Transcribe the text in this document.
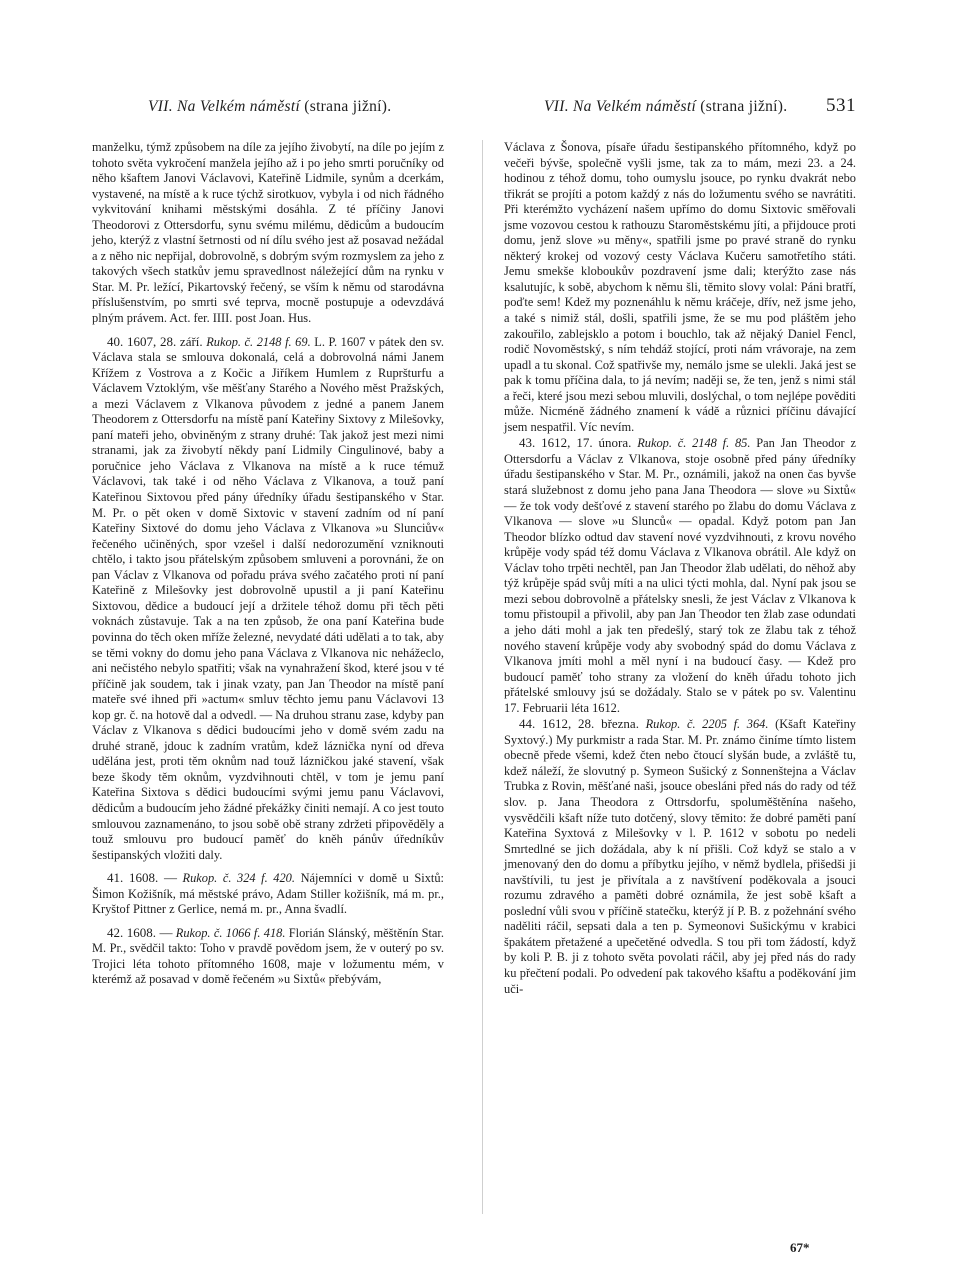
VII. Na Velkém náměstí (strana jižní).	VII. Na Velkém náměstí (strana jižní).	531

manželku, týmž způsobem na díle za jejího živobytí, na díle po jejím z tohoto světa vykročení manžela jejího až i po jeho smrti poručníky od něho kšaftem Janovi Václavovi, Kateřině Lidmile, synům a dcerkám, vystavené, na místě a k ruce týchž sirotkuov, vybyla i od nich řádného vykvitování knihami městskými dosáhla. Z té příčiny Janovi Theodorovi z Ottersdorfu, synu svému milému, dědicům a budoucím jeho, kterýž z vlastní šetrnosti od ní dílu svého jest až posavad nežádal a z něho nic nepřijal, dobrovolně, s dobrým svým rozmyslem za jeho z takových všech statkův jemu spravedlnost náležející dům na rynku v Star. M. Pr. ležící, Pikartovský řečený, se vším k němu od starodávna příslušenstvím, po smrti své teprva, mocně postupuje a odevzdává plným právem. Act. fer. IIII. post Joan. Hus.

40. 1607, 28. září. Rukop. č. 2148 f. 69. L. P. 1607 v pátek den sv. Václava stala se smlouva dokonalá, celá a dobrovolná námi Janem Křížem z Vostrova a z Kočic a Jiříkem Humlem z Rupršturfu a Václavem Vztoklým, vše měšťany Starého a Nového měst Pražských, a mezi Václavem z Vlkanova původem z jedné a panem Janem Theodorem z Ottersdorfu na místě paní Kateřiny Sixtovy z Milešovky, paní mateři jeho, obviněným z strany druhé: Tak jakož jest mezi nimi stranami, jak za živobytí někdy paní Lidmily Cingulinové, baby a poručnice jeho Václava z Vlkanova na místě a k ruce témuž Václavovi, tak také i od něho Václava z Vlkanova, a touž paní Kateřinou Sixtovou před pány úředníky úřadu šestipanského v Star. M. Pr. o pět oken v domě Sixtovic v stavení zadním od ní paní Kateřiny Sixtové do domu jeho Václava z Vlkanova »u Slunciův« řečeného učiněných, spor vzešel i další nedorozumění vzniknouti chtělo, i takto jsou přátelským způsobem smluveni a porovnáni, že on pan Václav z Vlkanova od pořadu práva svého začatého proti ní paní Kateřině z Milešovky jest dobrovolně upustil a ji paní Kateřinu Sixtovou, dědice a budoucí její a držitele téhož domu při těch pěti voknách zůstavuje. Tak a na ten způsob, že ona paní Kateřina bude povinna do těch oken mříže železné, nevydaté dáti udělati a to tak, aby se těmi vokny do domu jeho pana Václava z Vlkanova nic nehážeclo, ani nečistého nebylo spatřiti; však na vynahražení škod, které jsou v té příčině jak soudem, tak i jinak vzaty, pan Jan Theodor na místě paní mateře své ihned při »actum« smluv těchto jemu panu Václavovi 13 kop gr. č. na hotově dal a odvedl. — Na druhou stranu zase, kdyby pan Václav z Vlkanova s dědici budoucími jeho v domě svém zadu na druhé straně, jdouc k zadním vratům, kdež láznička nyní od dřeva udělána jest, proti těm oknům nad touž lázničkou jaké stavení, však beze škody těm oknům, vyzdvihnouti chtěl, v tom je jemu paní Kateřina Sixtova s dědici budoucími svými jemu panu Václavovi, dědicům a budoucím jeho žádné překážky činiti nemají. A co jest touto smlouvou zaznamenáno, to jsou sobě obě strany zdržeti připověděly a touž smlouvu pro budoucí paměť do kněh pánův úředníkův šestipanských vložiti daly.

41. 1608. — Rukop. č. 324 f. 420. Nájemníci v domě u Sixtů: Šimon Kožišník, má městské právo, Adam Stiller kožišník, má m. pr., Kryštof Pittner z Gerlice, nemá m. pr., Anna švadlí.

42. 1608. — Rukop. č. 1066 f. 418. Florián Slánský, měštěnín Star. M. Pr., svědčil takto: Toho v pravdě povědom jsem, že v outerý po sv. Trojici léta tohoto přítomného 1608, maje v ložumentu mém, v kterémž až posavad v domě řečeném »u Sixtů« přebývám,

Václava z Šonova, písaře úřadu šestipanského přítomného, když po večeři bývše, společně vyšli jsme, tak za to mám, mezi 23. a 24. hodinou z téhož domu, toho oumyslu jsouce, po rynku dvakrát nebo třikrát se projíti a potom každý z nás do ložumentu svého se navrátiti. Při kterémžto vycházení našem upřímo do domu Sixtovic směřovali jsme vozovou cestou k rathouzu Staroměstskému jíti, a přijdouce proti domu, jenž slove »u měny«, spatřili jsme po pravé straně do rynku některý krokej od vozový cesty Václava Kučeru samotřetího státi. Jemu smekše kloboukův pozdravení jsme dali; kterýžto zase nás ksalutujíc, k sobě, abychom k němu šli, těmito slovy volal: Páni bratří, poďte sem! Kdež my poznenáhlu k němu kráčeje, dřív, než jsme jeho, a také s nimiž stál, došli, spatřili jsme, že se mu pod pláštěm jeho zakouřilo, zablejsklo a potom i bouchlo, tak až nějaký Daniel Fencl, rodič Novoměstský, s ním tehdáž stojící, proti nám vrávoraje, na zem upadl a tu skonal. Což spatřivše my, nemálo jsme se ulekli. Jaká jest se pak k tomu příčina dala, to já nevím; naději se, že ten, jenž s nimi stál a řeči, které jsou mezi sebou mluvili, doslýchal, o tom nejlépe pověditi může. Nicméně žádného znamení k vádě a různici příčinu dávající jsem nespatřil. Víc nevím.

43. 1612, 17. února. Rukop. č. 2148 f. 85. Pan Jan Theodor z Ottersdorfu a Václav z Vlkanova, stoje osobně před pány úředníky úřadu šestipanského v Star. M. Pr., oznámili, jakož na onen čas byvše stará služebnost z domu jeho pana Jana Theodora — slove »u Sixtů« — že tok vody dešťové z stavení starého po žlabu do domu Václava z Vlkanova — slove »u Slunců« — opadal. Když potom pan Jan Theodor blízko odtud dav stavení nové vyzdvihnouti, z krovu nového krůpěje vody spád též domu Václava z Vlkanova obrátil. Ale když on Václav toho trpěti nechtěl, pan Jan Theodor žlab udělati, do něhož aby týž krůpěje spád svůj míti a na ulici týcti mohla, dal. Nyní pak jsou se mezi sebou dobrovolně a přátelsky snesli, že jest Václav z Vlkanova k tomu přistoupil a přivolil, aby pan Jan Theodor ten žlab zase odundati a jeho dáti mohl a jak ten předešlý, starý tok ze žlabu tak z téhož nového stavení krůpěje vody aby svobodný spád do domu Václava z Vlkanova jmíti mohl a měl nyní i na budoucí časy. — Kdež pro budoucí paměť toho strany za vložení do kněh úřadu tohoto jich přátelské smlouvy jsú se dožádaly. Stalo se v pátek po sv. Valentinu 17. Februarii léta 1612.

44. 1612, 28. března. Rukop. č. 2205 f. 364. (Kšaft Kateřiny Syxtový.) My purkmistr a rada Star. M. Pr. známo činíme tímto listem obecně přede všemi, kdež čten nebo čtoucí slyšán bude, a zvláště tu, kdež náleží, že slovutný p. Symeon Sušický z Sonnenštejna a Václav Trubka z Rovin, měšťané naši, jsouce obesláni před nás do rady od též slov. p. Jana Theodora z Ottrsdorfu, spoluměštěnína našeho, vysvědčili kšaft níže tuto dotčený, slovy těmito: že dobré paměti paní Kateřina Syxtová z Milešovky v l. P. 1612 v sobotu po nedeli Smrtedlné se jich dožádala, aby k ní přišli. Což když se stalo a v jmenovaný den do domu a příbytku jejího, v němž bydlela, přišedši ji navštívili, tu jest je přivítala a z navštívení poděkovala a jsouci rozumu zdravého a paměti dobré oznámila, že jest sobě kšaft a poslední vůli svou v příčině statečku, kterýž jí P. B. z požehnání svého naděliti ráčil, sepsati dala a ten p. Symeonovi Sušickýmu v krabici špakátem přetažené a upečetěné odvedla. S tou při tom žádostí, když by koli P. B. ji z tohoto světa povolati ráčil, aby jej před nás do rady ku přečtení podali. Po odvedení pak takového kšaftu a poděkování jim uči-

67*
